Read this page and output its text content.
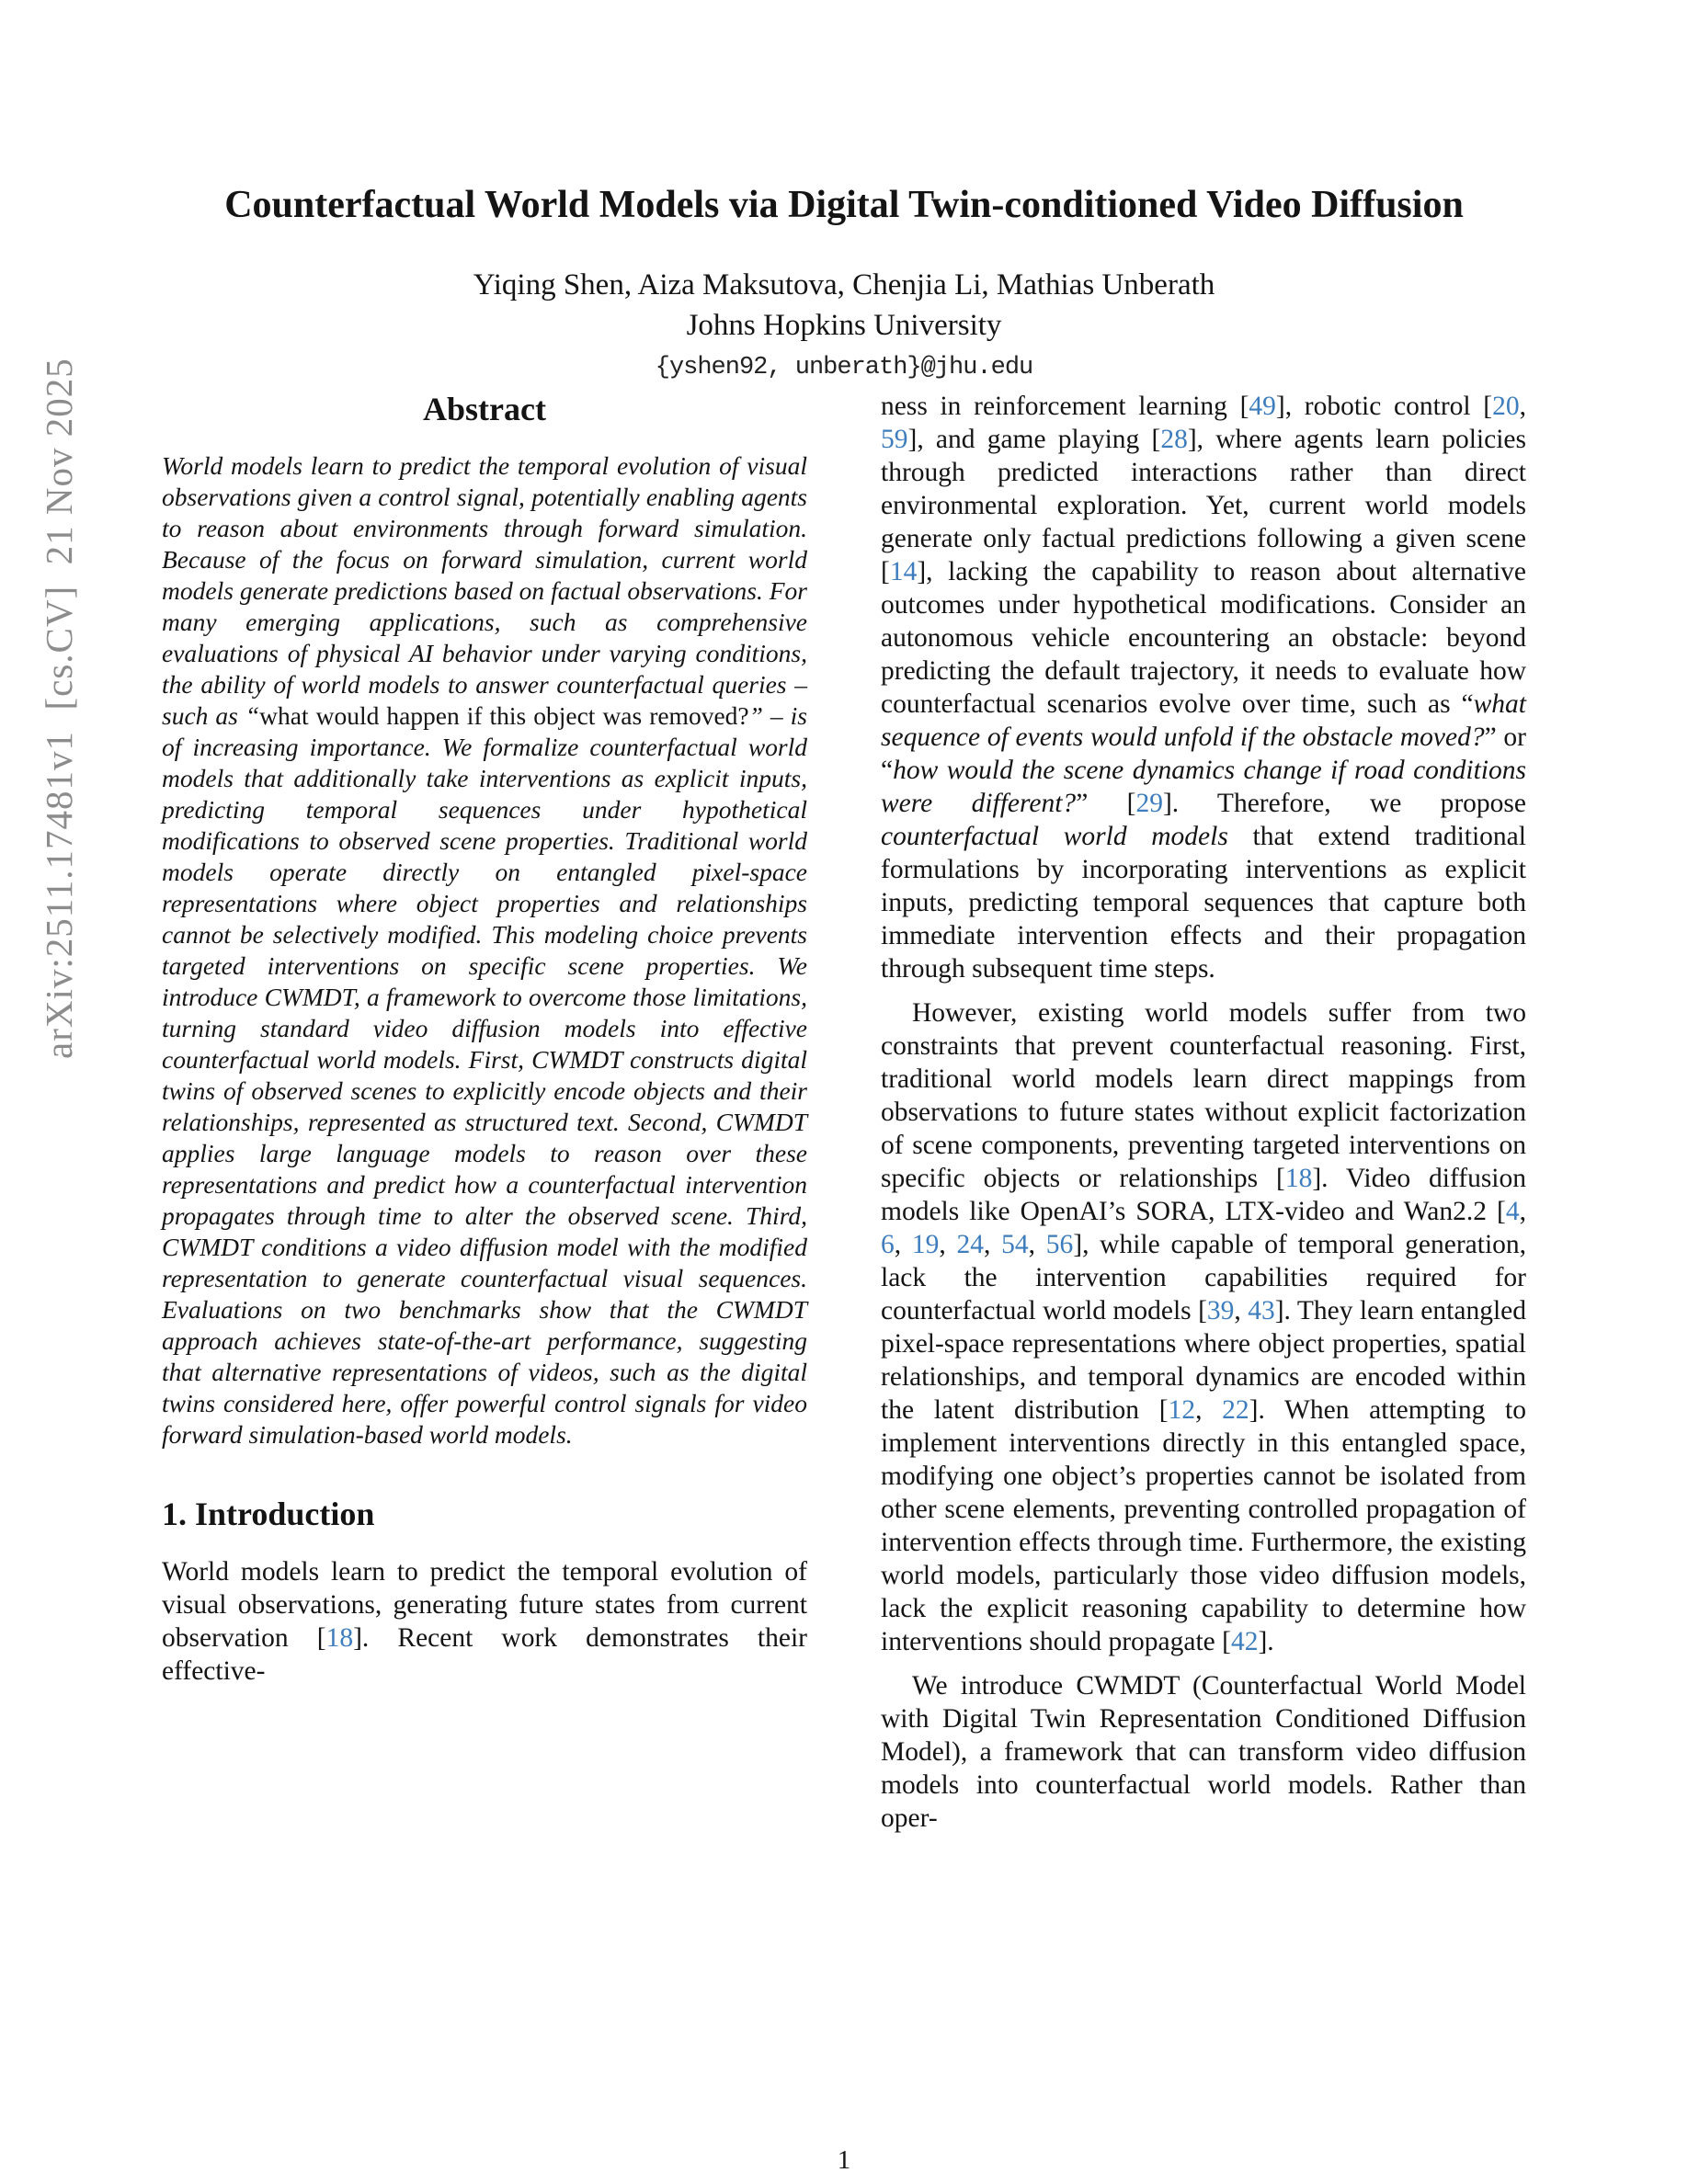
arXiv:2511.17481v1  [cs.CV]  21 Nov 2025
Counterfactual World Models via Digital Twin-conditioned Video Diffusion
Yiqing Shen, Aiza Maksutova, Chenjia Li, Mathias Unberath
Johns Hopkins University
{yshen92, unberath}@jhu.edu
Abstract
World models learn to predict the temporal evolution of visual observations given a control signal, potentially enabling agents to reason about environments through forward simulation. Because of the focus on forward simulation, current world models generate predictions based on factual observations. For many emerging applications, such as comprehensive evaluations of physical AI behavior under varying conditions, the ability of world models to answer counterfactual queries – such as “what would happen if this object was removed?” – is of increasing importance. We formalize counterfactual world models that additionally take interventions as explicit inputs, predicting temporal sequences under hypothetical modifications to observed scene properties. Traditional world models operate directly on entangled pixel-space representations where object properties and relationships cannot be selectively modified. This modeling choice prevents targeted interventions on specific scene properties. We introduce CWMDT, a framework to overcome those limitations, turning standard video diffusion models into effective counterfactual world models. First, CWMDT constructs digital twins of observed scenes to explicitly encode objects and their relationships, represented as structured text. Second, CWMDT applies large language models to reason over these representations and predict how a counterfactual intervention propagates through time to alter the observed scene. Third, CWMDT conditions a video diffusion model with the modified representation to generate counterfactual visual sequences. Evaluations on two benchmarks show that the CWMDT approach achieves state-of-the-art performance, suggesting that alternative representations of videos, such as the digital twins considered here, offer powerful control signals for video forward simulation-based world models.
1. Introduction
World models learn to predict the temporal evolution of visual observations, generating future states from current observation [18]. Recent work demonstrates their effective-
ness in reinforcement learning [49], robotic control [20, 59], and game playing [28], where agents learn policies through predicted interactions rather than direct environmental exploration. Yet, current world models generate only factual predictions following a given scene [14], lacking the capability to reason about alternative outcomes under hypothetical modifications. Consider an autonomous vehicle encountering an obstacle: beyond predicting the default trajectory, it needs to evaluate how counterfactual scenarios evolve over time, such as “what sequence of events would unfold if the obstacle moved?” or “how would the scene dynamics change if road conditions were different?” [29]. Therefore, we propose counterfactual world models that extend traditional formulations by incorporating interventions as explicit inputs, predicting temporal sequences that capture both immediate intervention effects and their propagation through subsequent time steps.
However, existing world models suffer from two constraints that prevent counterfactual reasoning. First, traditional world models learn direct mappings from observations to future states without explicit factorization of scene components, preventing targeted interventions on specific objects or relationships [18]. Video diffusion models like OpenAI’s SORA, LTX-video and Wan2.2 [4, 6, 19, 24, 54, 56], while capable of temporal generation, lack the intervention capabilities required for counterfactual world models [39, 43]. They learn entangled pixel-space representations where object properties, spatial relationships, and temporal dynamics are encoded within the latent distribution [12, 22]. When attempting to implement interventions directly in this entangled space, modifying one object’s properties cannot be isolated from other scene elements, preventing controlled propagation of intervention effects through time. Furthermore, the existing world models, particularly those video diffusion models, lack the explicit reasoning capability to determine how interventions should propagate [42].
We introduce CWMDT (Counterfactual World Model with Digital Twin Representation Conditioned Diffusion Model), a framework that can transform video diffusion models into counterfactual world models. Rather than oper-
1
